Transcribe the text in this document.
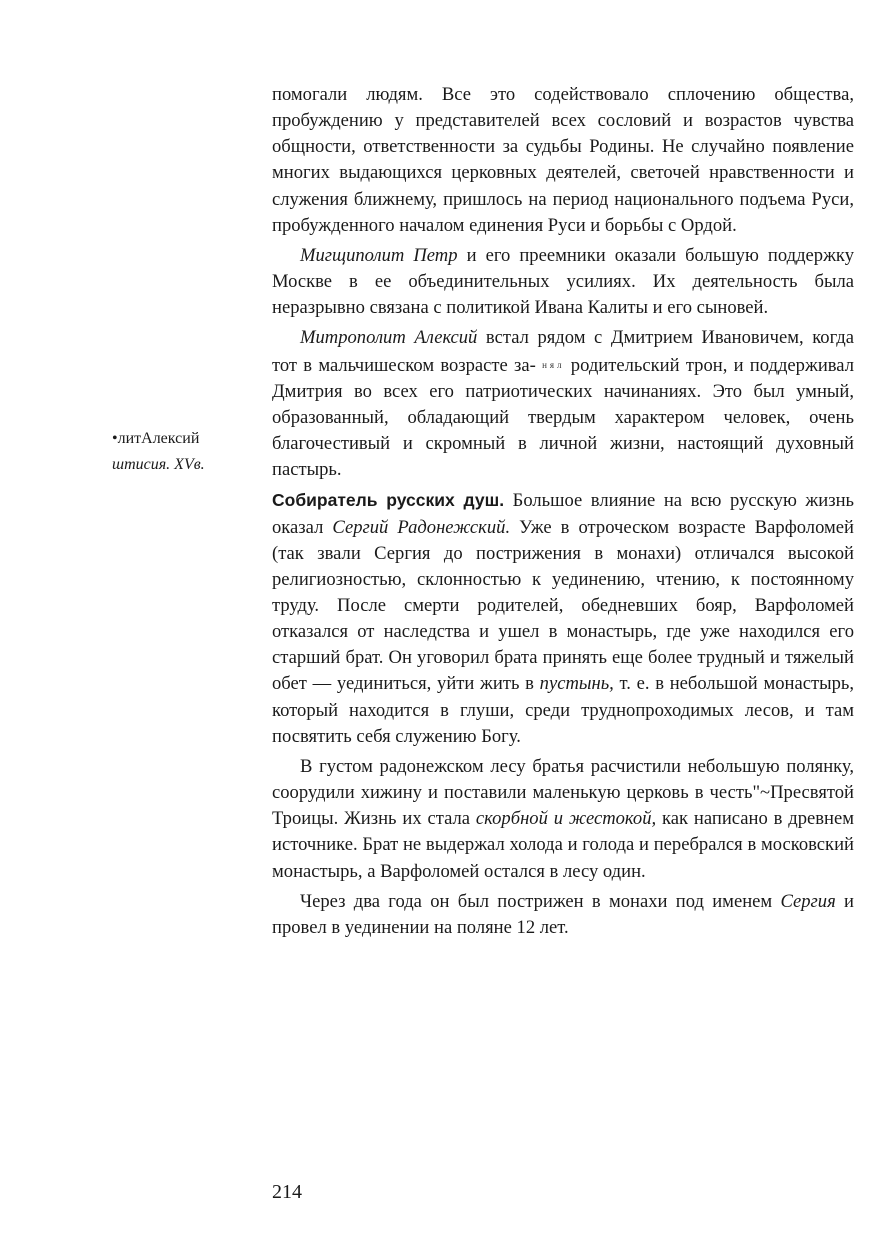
•литАлексий
штисия. XVв.

помогали людям. Все это содействовало сплочению общества, пробуждению у представителей всех сословий и возрастов чувства общности, ответственности за судьбы Родины. Не случайно появление многих выдающихся церковных деятелей, светочей нравственности и служения ближнему, пришлось на период национального подъема Руси, пробужденного началом единения Руси и борьбы с Ордой.

Мигщиполит Петр и его преемники оказали большую поддержку Москве в ее объединительных усилиях. Их деятельность была неразрывно связана с политикой Ивана Калиты и его сыновей.

Митрополит Алексий встал рядом с Дмитрием Ивановичем, когда тот в мальчишеском возрасте за- нял родительский трон, и поддерживал Дмитрия во всех его патриотических начинаниях. Это был умный, образованный, обладающий твердым характером человек, очень благочестивый и скромный в личной жизни, настоящий духовный пастырь.

Собиратель русских душ. Большое влияние на всю русскую жизнь оказал Сергий Радонежский. Уже в отроческом возрасте Варфоломей (так звали Сергия до пострижения в монахи) отличался высокой религиозностью, склонностью к уединению, чтению, к постоянному труду. После смерти родителей, обедневших бояр, Варфоломей отказался от наследства и ушел в монастырь, где уже находился его старший брат. Он уговорил брата принять еще более трудный и тяжелый обет — уединиться, уйти жить в пустынь, т. е. в небольшой монастырь, который находится в глуши, среди труднопроходимых лесов, и там посвятить себя служению Богу.

В густом радонежском лесу братья расчистили небольшую полянку, соорудили хижину и поставили маленькую церковь в честь"~Пресвятой Троицы. Жизнь их стала скорбной и жестокой, как написано в древнем источнике. Брат не выдержал холода и голода и перебрался в московский монастырь, а Варфоломей остался в лесу один.

Через два года он был пострижен в монахи под именем Сергия и провел в уединении на поляне 12 лет.

214
